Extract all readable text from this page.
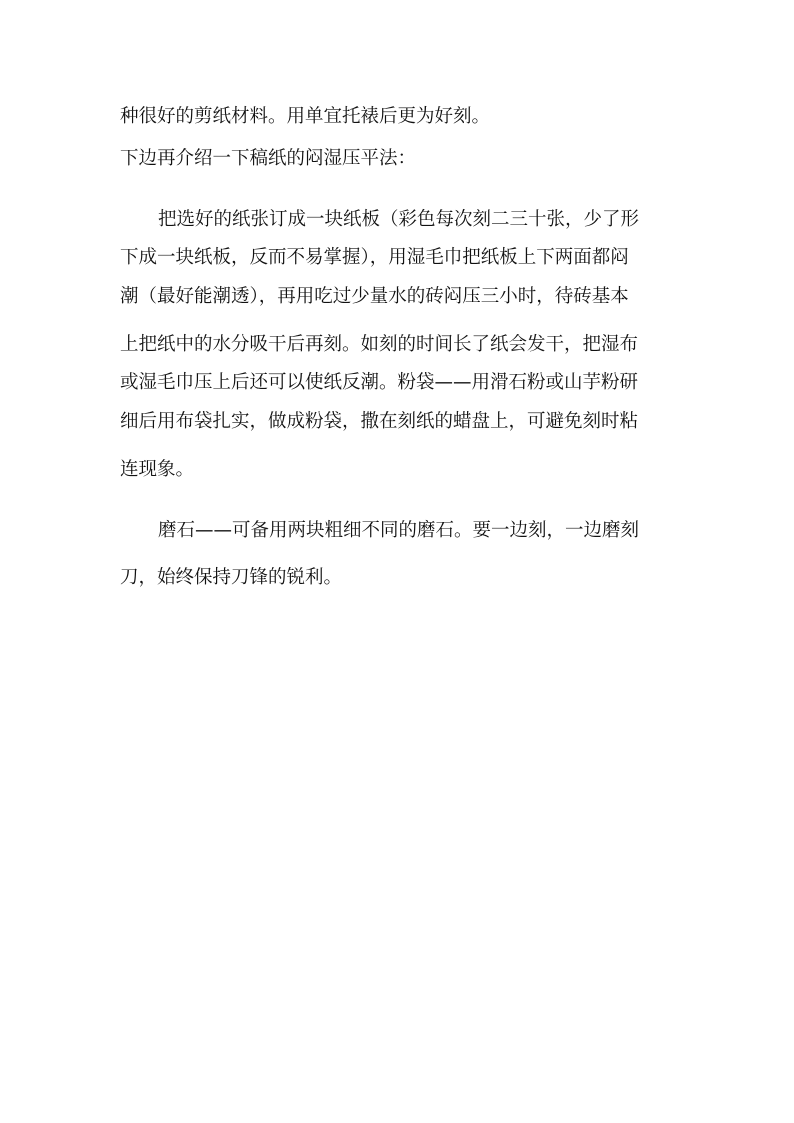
种很好的剪纸材料。用单宜托裱后更为好刻。
下边再介绍一下稿纸的闷湿压平法：
把选好的纸张订成一块纸板（彩色每次刻二三十张，少了形
下成一块纸板，反而不易掌握），用湿毛巾把纸板上下两面都闷
潮（最好能潮透），再用吃过少量水的砖闷压三小时，待砖基本
上把纸中的水分吸干后再刻。如刻的时间长了纸会发干，把湿布
或湿毛巾压上后还可以使纸反潮。粉袋——用滑石粉或山芋粉研
细后用布袋扎实，做成粉袋，撒在刻纸的蜡盘上，可避免刻时粘
连现象。
磨石——可备用两块粗细不同的磨石。要一边刻，一边磨刻
刀，始终保持刀锋的锐利。
